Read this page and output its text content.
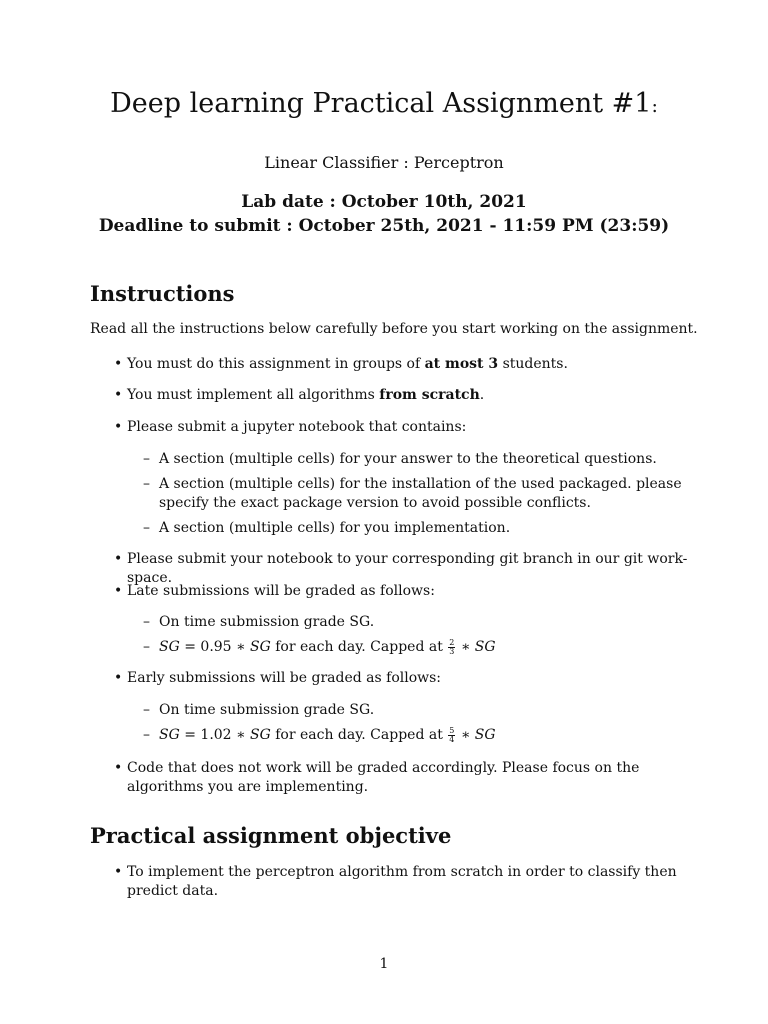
Deep learning Practical Assignment #1:
Linear Classifier : Perceptron
Lab date : October 10th, 2021
Deadline to submit : October 25th, 2021 - 11:59 PM (23:59)
Instructions
Read all the instructions below carefully before you start working on the assignment.
• You must do this assignment in groups of at most 3 students.
• You must implement all algorithms from scratch.
• Please submit a jupyter notebook that contains:
– A section (multiple cells) for your answer to the theoretical questions.
– A section (multiple cells) for the installation of the used packaged. please specify the exact package version to avoid possible conflicts.
– A section (multiple cells) for you implementation.
• Please submit your notebook to your corresponding git branch in our git work-space.
• Late submissions will be graded as follows:
– On time submission grade SG.
– SG = 0.95 ∗ SG for each day. Capped at $\frac{2}{3}$ ∗ SG
• Early submissions will be graded as follows:
– On time submission grade SG.
– SG = 1.02 ∗ SG for each day. Capped at $\frac{5}{4}$ ∗ SG
• Code that does not work will be graded accordingly. Please focus on the algorithms you are implementing.
Practical assignment objective
• To implement the perceptron algorithm from scratch in order to classify then predict data.
1
